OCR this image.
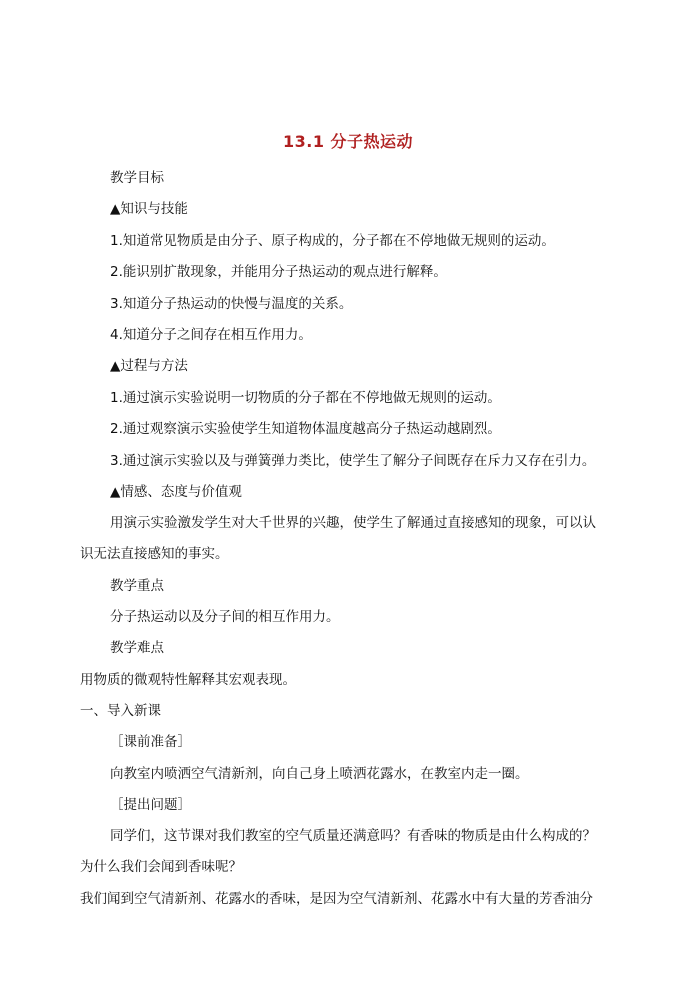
13.1 分子热运动
教学目标
▲知识与技能
1.知道常见物质是由分子、原子构成的，分子都在不停地做无规则的运动。
2.能识别扩散现象，并能用分子热运动的观点进行解释。
3.知道分子热运动的快慢与温度的关系。
4.知道分子之间存在相互作用力。
▲过程与方法
1.通过演示实验说明一切物质的分子都在不停地做无规则的运动。
2.通过观察演示实验使学生知道物体温度越高分子热运动越剧烈。
3.通过演示实验以及与弹簧弹力类比，使学生了解分子间既存在斥力又存在引力。
▲情感、态度与价值观
用演示实验激发学生对大千世界的兴趣，使学生了解通过直接感知的现象，可以认
识无法直接感知的事实。
教学重点
分子热运动以及分子间的相互作用力。
教学难点
用物质的微观特性解释其宏观表现。
一、导入新课
［课前准备］
向教室内喷洒空气清新剂，向自己身上喷洒花露水，在教室内走一圈。
［提出问题］
同学们，这节课对我们教室的空气质量还满意吗？有香味的物质是由什么构成的？
为什么我们会闻到香味呢？
我们闻到空气清新剂、花露水的香味，是因为空气清新剂、花露水中有大量的芳香油分
